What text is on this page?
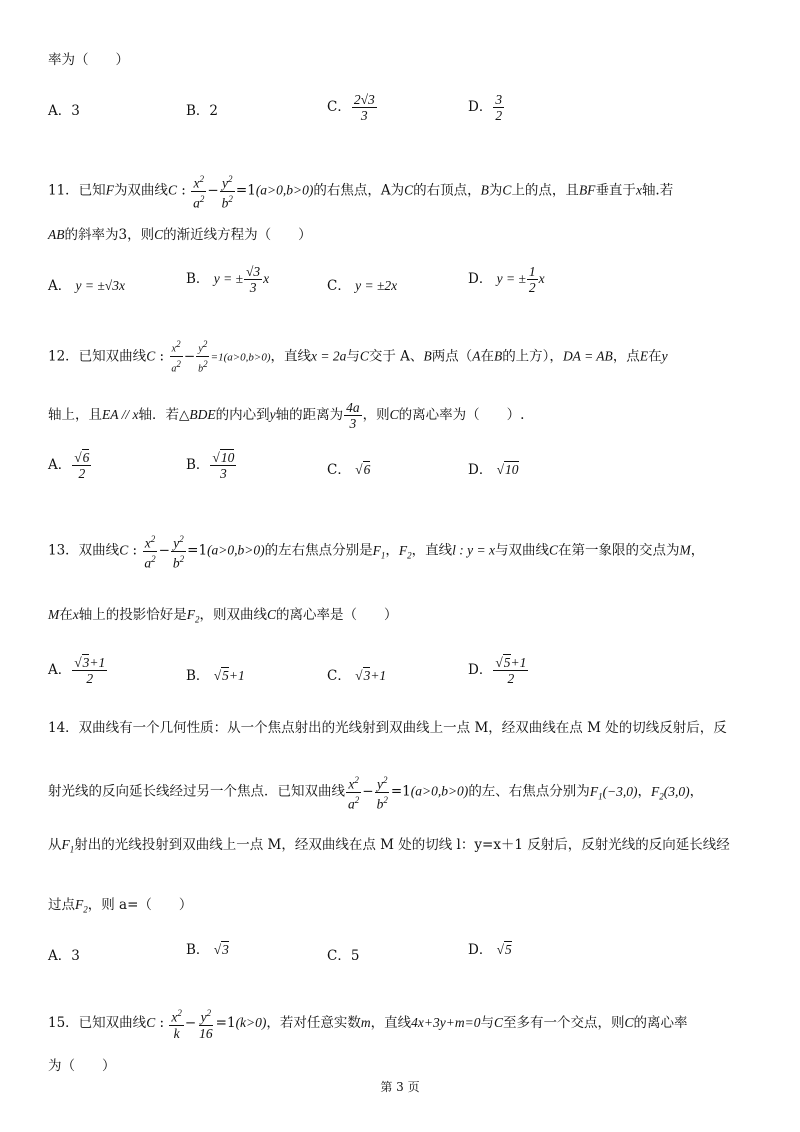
率为（　　）
A．3	B．2	C． $\frac{2√3}{3}$	D． $\frac{3}{2}$
11．已知F为双曲线C : $\frac{x^2}{a^2} - \frac{y^2}{b^2} =1(a>0,b>0)$的右焦点，A为C的右顶点，B为C上的点，且BF垂直于x轴.若
AB的斜率为3，则C的渐近线方程为（　　）
A． y = ±√3x	B． y = ± $\frac{√3}{3}$ x	C． y = ±2x	D． y = ± $\frac{1}{2}$ x
12．已知双曲线C : $\frac{x^2}{a^2} - \frac{y^2}{b^2} =1(a>0,b>0)$，直线x = 2a与C交于 A、B两点（A在B的上方），DA = AB，点E在y
轴上，且EA // x轴．若△BDE的内心到y轴的距离为 $\frac{4a}{3}$ ，则C的离心率为（　　）.
A． $\frac{√6}{2}$	B． $\frac{√10}{3}$	C． √6	D． √10
13．双曲线C : $\frac{x^2}{a^2} - \frac{y^2}{b^2} =1(a>0,b>0)$的左右焦点分别是$F_1$，$F_2$，直线l : y = x与双曲线C在第一象限的交点为M，
M在x轴上的投影恰好是$F_2$，则双曲线C的离心率是（　　）
A． $\frac{√3+1}{2}$	B． √5+1	C． √3+1	D． $\frac{√5+1}{2}$
14．双曲线有一个几何性质：从一个焦点射出的光线射到双曲线上一点 M，经双曲线在点 M 处的切线反射后，反
射光线的反向延长线经过另一个焦点．已知双曲线 $\frac{x^2}{a^2} - \frac{y^2}{b^2} =1(a>0,b>0)$的左、右焦点分别为$F_1(-3,0)$，$F_2(3,0)$，
从$F_1$射出的光线投射到双曲线上一点 M，经双曲线在点 M 处的切线 l：y=x＋1 反射后，反射光线的反向延长线经
过点$F_2$，则 a=（　　）
A．3	B． √3	C．5	D． √5
15．已知双曲线C : $\frac{x^2}{k} - \frac{y^2}{16} =1(k>0)$，若对任意实数m，直线4x+3y+m=0与C至多有一个交点，则C的离心率
为（　　）
第 3 页
